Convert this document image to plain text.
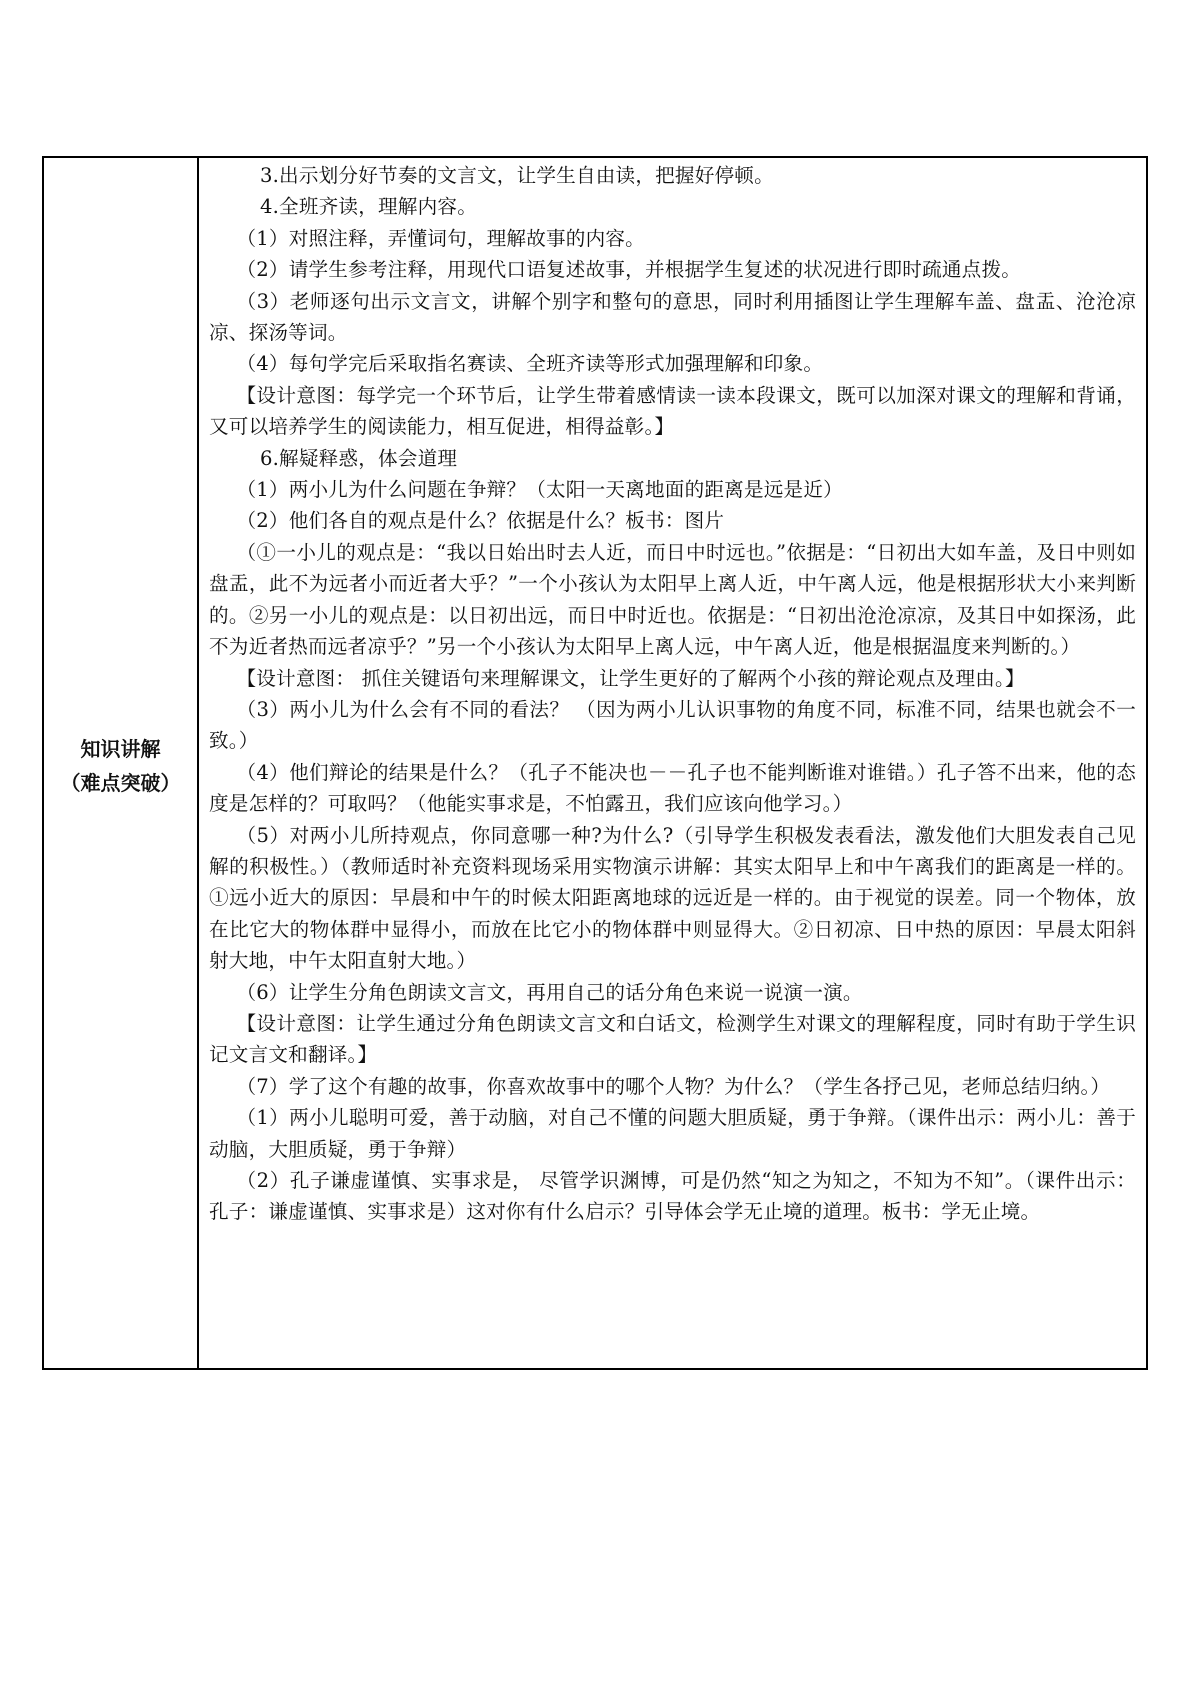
知识讲解
（难点突破）

3.出示划分好节奏的文言文，让学生自由读，把握好停顿。

4.全班齐读，理解内容。

（1）对照注释，弄懂词句，理解故事的内容。

（2）请学生参考注释，用现代口语复述故事，并根据学生复述的状况进行即时疏通点拨。

（3）老师逐句出示文言文，讲解个别字和整句的意思，同时利用插图让学生理解车盖、盘盂、沧沧凉凉、探汤等词。

（4）每句学完后采取指名赛读、全班齐读等形式加强理解和印象。

【设计意图：每学完一个环节后，让学生带着感情读一读本段课文，既可以加深对课文的理解和背诵，又可以培养学生的阅读能力，相互促进，相得益彰。】

6.解疑释惑，体会道理

（1）两小儿为什么问题在争辩？（太阳一天离地面的距离是远是近）

（2）他们各自的观点是什么？依据是什么？板书：图片

（①一小儿的观点是：“我以日始出时去人近，而日中时远也。”依据是：“日初出大如车盖，及日中则如盘盂，此不为远者小而近者大乎？”一个小孩认为太阳早上离人近，中午离人远，他是根据形状大小来判断的。②另一小儿的观点是：以日初出远，而日中时近也。依据是：“日初出沧沧凉凉，及其日中如探汤，此不为近者热而远者凉乎？”另一个小孩认为太阳早上离人远，中午离人近，他是根据温度来判断的。）

【设计意图： 抓住关键语句来理解课文，让学生更好的了解两个小孩的辩论观点及理由。】

（3）两小儿为什么会有不同的看法？ （因为两小儿认识事物的角度不同，标准不同，结果也就会不一致。）

（4）他们辩论的结果是什么？（孔子不能决也－－孔子也不能判断谁对谁错。）孔子答不出来，他的态度是怎样的？可取吗？（他能实事求是，不怕露丑，我们应该向他学习。）

（5）对两小儿所持观点，你同意哪一种?为什么?（引导学生积极发表看法，激发他们大胆发表自己见解的积极性。）（教师适时补充资料现场采用实物演示讲解：其实太阳早上和中午离我们的距离是一样的。①远小近大的原因：早晨和中午的时候太阳距离地球的远近是一样的。由于视觉的误差。同一个物体，放在比它大的物体群中显得小，而放在比它小的物体群中则显得大。②日初凉、日中热的原因：早晨太阳斜射大地，中午太阳直射大地。）

（6）让学生分角色朗读文言文，再用自己的话分角色来说一说演一演。

【设计意图：让学生通过分角色朗读文言文和白话文，检测学生对课文的理解程度，同时有助于学生识记文言文和翻译。】

（7）学了这个有趣的故事，你喜欢故事中的哪个人物？为什么？（学生各抒己见，老师总结归纳。）

（1）两小儿聪明可爱，善于动脑，对自己不懂的问题大胆质疑，勇于争辩。（课件出示：两小儿：善于动脑，大胆质疑，勇于争辩）

（2）孔子谦虚谨慎、实事求是， 尽管学识渊博，可是仍然“知之为知之，不知为不知”。（课件出示：孔子：谦虚谨慎、实事求是）这对你有什么启示？引导体会学无止境的道理。板书：学无止境。
